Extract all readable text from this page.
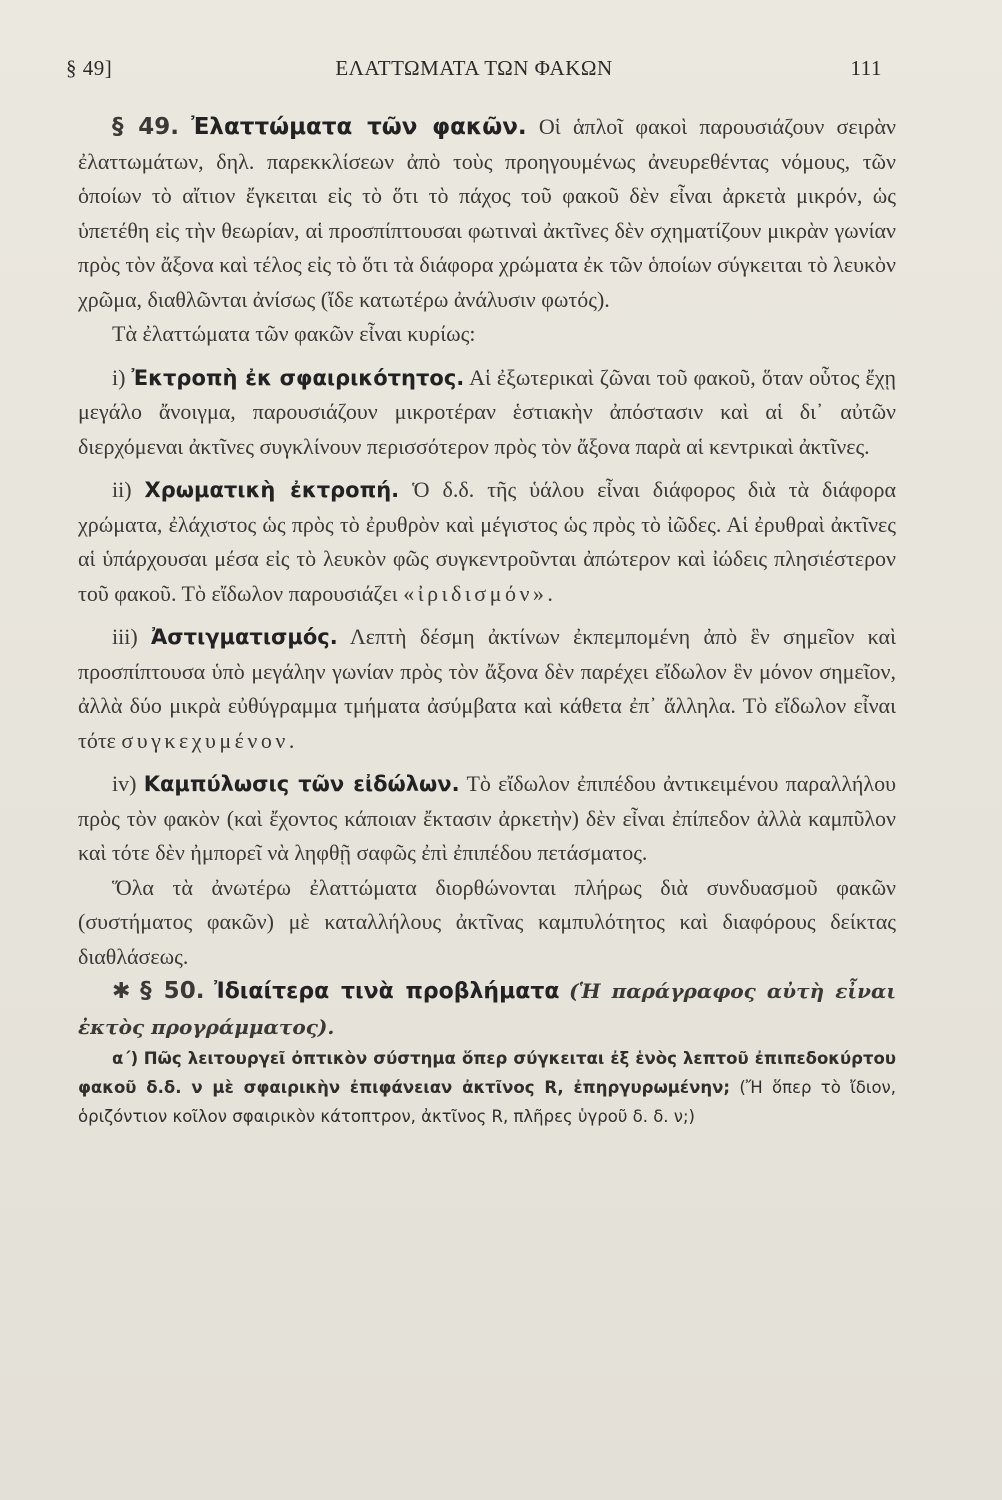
§ 49]	ΕΛΑΤΤΩΜΑΤΑ ΤΩΝ ΦΑΚΩΝ	111

§ 49. Ἐλαττώματα τῶν φακῶν. Οἱ ἁπλοῖ φακοὶ παρουσιάζουν σειρὰν ἐλαττωμάτων, δηλ. παρεκκλίσεων ἀπὸ τοὺς προηγουμένως ἀνευρεθέντας νόμους, τῶν ὁποίων τὸ αἴτιον ἔγκειται εἰς τὸ ὅτι τὸ πάχος τοῦ φακοῦ δὲν εἶναι ἀρκετὰ μικρόν, ὡς ὑπετέθη εἰς τὴν θεωρίαν, αἱ προσπίπτουσαι φωτιναὶ ἀκτῖνες δὲν σχηματίζουν μικρὰν γωνίαν πρὸς τὸν ἄξονα καὶ τέλος εἰς τὸ ὅτι τὰ διάφορα χρώματα ἐκ τῶν ὁποίων σύγκειται τὸ λευκὸν χρῶμα, διαθλῶνται ἀνίσως (ἴδε κατωτέρω ἀνάλυσιν φωτός).

Τὰ ἐλαττώματα τῶν φακῶν εἶναι κυρίως:

i) Ἐκτροπὴ ἐκ σφαιρικότητος. Αἱ ἐξωτερικαὶ ζῶναι τοῦ φακοῦ, ὅταν οὗτος ἔχῃ μεγάλο ἄνοιγμα, παρουσιάζουν μικροτέραν ἑστιακὴν ἀπόστασιν καὶ αἱ δι᾿ αὐτῶν διερχόμεναι ἀκτῖνες συγκλίνουν περισσότερον πρὸς τὸν ἄξονα παρὰ αἱ κεντρικαὶ ἀκτῖνες.

ii) Χρωματικὴ ἐκτροπή. Ὁ δ.δ. τῆς ὑάλου εἶναι διάφορος διὰ τὰ διάφορα χρώματα, ἐλάχιστος ὡς πρὸς τὸ ἐρυθρὸν καὶ μέγιστος ὡς πρὸς τὸ ἰῶδες. Αἱ ἐρυθραὶ ἀκτῖνες αἱ ὑπάρχουσαι μέσα εἰς τὸ λευκὸν φῶς συγκεντροῦνται ἀπώτερον καὶ ἰώδεις πλησιέστερον τοῦ φακοῦ. Τὸ εἴδωλον παρουσιάζει «ἰριδισμόν».

iii) Ἀστιγματισμός. Λεπτὴ δέσμη ἀκτίνων ἐκπεμπομένη ἀπὸ ἓν σημεῖον καὶ προσπίπτουσα ὑπὸ μεγάλην γωνίαν πρὸς τὸν ἄξονα δὲν παρέχει εἴδωλον ἓν μόνον σημεῖον, ἀλλὰ δύο μικρὰ εὐθύγραμμα τμήματα ἀσύμβατα καὶ κάθετα ἐπ᾿ ἄλληλα. Τὸ εἴδωλον εἶναι τότε συγκεχυμένον.

iv) Καμπύλωσις τῶν εἰδώλων. Τὸ εἴδωλον ἐπιπέδου ἀντικειμένου παραλλήλου πρὸς τὸν φακὸν (καὶ ἔχοντος κάποιαν ἔκτασιν ἀρκετὴν) δὲν εἶναι ἐπίπεδον ἀλλὰ καμπῦλον καὶ τότε δὲν ἠμπορεῖ νὰ ληφθῇ σαφῶς ἐπὶ ἐπιπέδου πετάσματος.

Ὅλα τὰ ἀνωτέρω ἐλαττώματα διορθώνονται πλήρως διὰ συνδυασμοῦ φακῶν (συστήματος φακῶν) μὲ καταλλήλους ἀκτῖνας καμπυλότητος καὶ διαφόρους δείκτας διαθλάσεως.

✱ § 50. Ἰδιαίτερα τινὰ προβλήματα (Ἡ παράγραφος αὐτὴ εἶναι ἐκτὸς προγράμματος).

α΄) Πῶς λειτουργεῖ ὀπτικὸν σύστημα ὅπερ σύγκειται ἐξ ἑνὸς λεπτοῦ ἐπιπεδοκύρτου φακοῦ δ.δ. ν μὲ σφαιρικὴν ἐπιφάνειαν ἀκτῖνος R, ἐπηργυρωμένην; (Ἤ ὅπερ τὸ ἴδιον, ὁριζόντιον κοῖλον σφαιρικὸν κάτοπτρον, ἀκτῖνος R, πλῆρες ὑγροῦ δ. δ. ν;)
